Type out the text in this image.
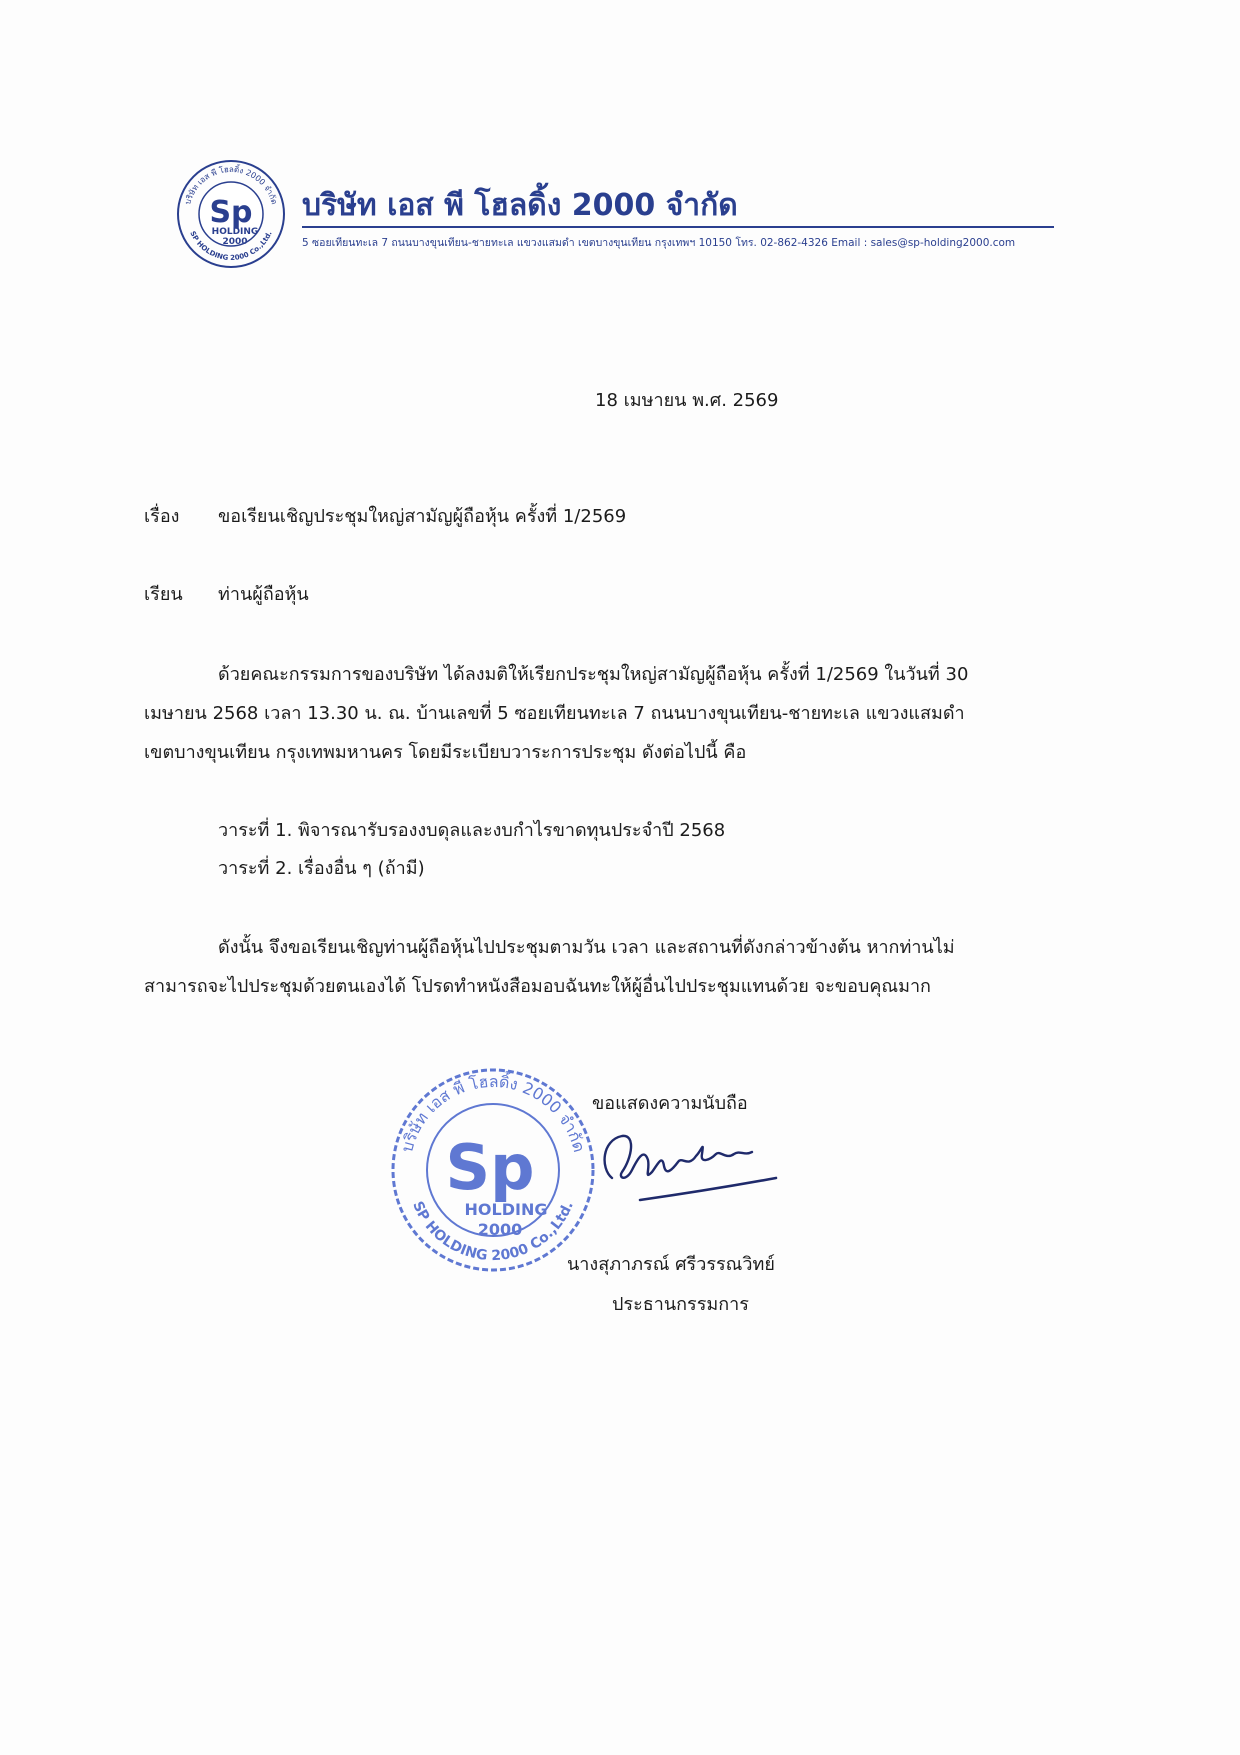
บริษัท เอส พี โฮลดิ้ง 2000 จำกัด
SP HOLDING 2000 Co.,Ltd.
Sp
HOLDING
2000
บริษัท เอส พี โฮลดิ้ง 2000 จำกัด
5 ซอยเทียนทะเล 7 ถนนบางขุนเทียน-ชายทะเล แขวงแสมดำ เขตบางขุนเทียน กรุงเทพฯ 10150 โทร. 02-862-4326 Email : sales@sp-holding2000.com
18 เมษายน พ.ศ. 2569
เรื่อง ขอเรียนเชิญประชุมใหญ่สามัญผู้ถือหุ้น ครั้งที่ 1/2569
เรียน ท่านผู้ถือหุ้น
ด้วยคณะกรรมการของบริษัท ได้ลงมติให้เรียกประชุมใหญ่สามัญผู้ถือหุ้น ครั้งที่ 1/2569 ในวันที่ 30
เมษายน 2568 เวลา 13.30 น. ณ. บ้านเลขที่ 5 ซอยเทียนทะเล 7 ถนนบางขุนเทียน-ชายทะเล แขวงแสมดำ
เขตบางขุนเทียน กรุงเทพมหานคร โดยมีระเบียบวาระการประชุม ดังต่อไปนี้ คือ
วาระที่ 1. พิจารณารับรองงบดุลและงบกำไรขาดทุนประจำปี 2568
วาระที่ 2. เรื่องอื่น ๆ (ถ้ามี)
ดังนั้น จึงขอเรียนเชิญท่านผู้ถือหุ้นไปประชุมตามวัน เวลา และสถานที่ดังกล่าวข้างต้น หากท่านไม่
สามารถจะไปประชุมด้วยตนเองได้ โปรดทำหนังสือมอบฉันทะให้ผู้อื่นไปประชุมแทนด้วย จะขอบคุณมาก
บริษัท เอส พี โฮลดิ้ง 2000 จำกัด
SP HOLDING 2000 Co.,Ltd.
Sp
HOLDING
2000
ขอแสดงความนับถือ
นางสุภาภรณ์ ศรีวรรณวิทย์
ประธานกรรมการ
